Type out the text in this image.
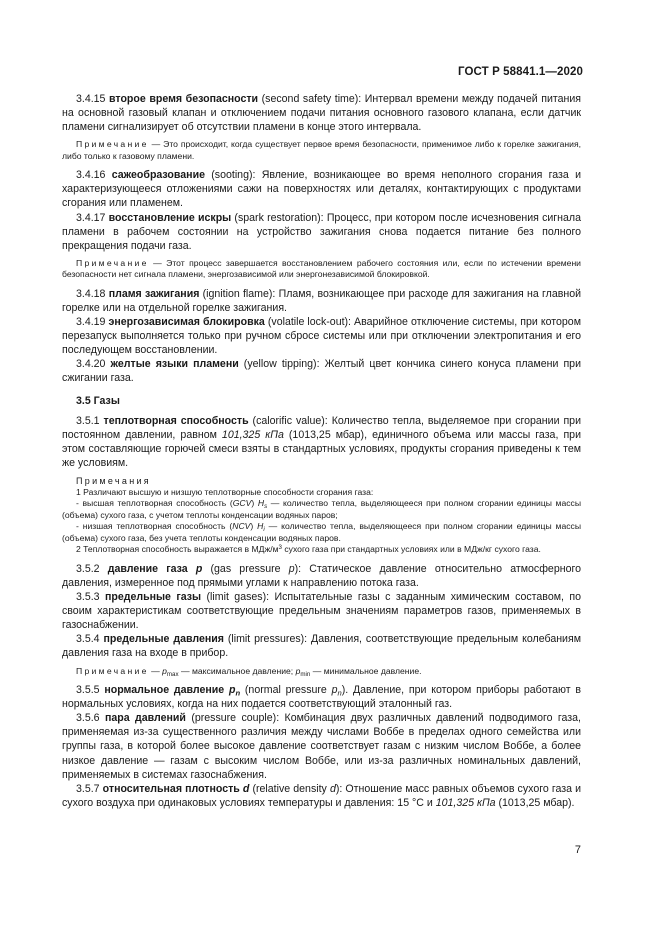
ГОСТ Р 58841.1—2020

3.4.15 второе время безопасности (second safety time): Интервал времени между подачей питания на основной газовый клапан и отключением подачи питания основного газового клапана, если датчик пламени сигнализирует об отсутствии пламени в конце этого интервала.

Примечание — Это происходит, когда существует первое время безопасности, применимое либо к горелке зажигания, либо только к газовому пламени.

3.4.16 сажеобразование (sooting): Явление, возникающее во время неполного сгорания газа и характеризующееся отложениями сажи на поверхностях или деталях, контактирующих с продуктами сгорания или пламенем.

3.4.17 восстановление искры (spark restoration): Процесс, при котором после исчезновения сигнала пламени в рабочем состоянии на устройство зажигания снова подается питание без полного прекращения подачи газа.

Примечание — Этот процесс завершается восстановлением рабочего состояния или, если по истечении времени безопасности нет сигнала пламени, энергозависимой или энергонезависимой блокировкой.

3.4.18 пламя зажигания (ignition flame): Пламя, возникающее при расходе для зажигания на главной горелке или на отдельной горелке зажигания.

3.4.19 энергозависимая блокировка (volatile lock-out): Аварийное отключение системы, при котором перезапуск выполняется только при ручном сбросе системы или при отключении электропитания и его последующем восстановлении.

3.4.20 желтые языки пламени (yellow tipping): Желтый цвет кончика синего конуса пламени при сжигании газа.

3.5 Газы

3.5.1 теплотворная способность (calorific value): Количество тепла, выделяемое при сгорании при постоянном давлении, равном 101,325 кПа (1013,25 мбар), единичного объема или массы газа, при этом составляющие горючей смеси взяты в стандартных условиях, продукты сгорания приведены к тем же условиям.

Примечания

1 Различают высшую и низшую теплотворные способности сгорания газа:

- высшая теплотворная способность (GCV) $H_s$ — количество тепла, выделяющееся при полном сгорании единицы массы (объема) сухого газа, с учетом теплоты конденсации водяных паров;

- низшая теплотворная способность (NCV) $H_i$ — количество тепла, выделяющееся при полном сгорании единицы массы (объема) сухого газа, без учета теплоты конденсации водяных паров.

2 Теплотворная способность выражается в МДж/$м^3$ сухого газа при стандартных условиях или в МДж/кг сухого газа.

3.5.2 давление газа p (gas pressure p): Статическое давление относительно атмосферного давления, измеренное под прямыми углами к направлению потока газа.

3.5.3 предельные газы (limit gases): Испытательные газы с заданным химическим составом, по своим характеристикам соответствующие предельным значениям параметров газов, применяемых в газоснабжении.

3.5.4 предельные давления (limit pressures): Давления, соответствующие предельным колебаниям давления газа на входе в прибор.

Примечание — $p_{max}$ — максимальное давление; $p_{min}$ — минимальное давление.

3.5.5 нормальное давление $p_n$ (normal pressure $p_n$). Давление, при котором приборы работают в нормальных условиях, когда на них подается соответствующий эталонный газ.

3.5.6 пара давлений (pressure couple): Комбинация двух различных давлений подводимого газа, применяемая из-за существенного различия между числами Воббе в пределах одного семейства или группы газа, в которой более высокое давление соответствует газам с низким числом Воббе, а более низкое давление — газам с высоким числом Воббе, или из-за различных номинальных давлений, применяемых в системах газоснабжения.

3.5.7 относительная плотность d (relative density d): Отношение масс равных объемов сухого газа и сухого воздуха при одинаковых условиях температуры и давления: 15 °C и 101,325 кПа (1013,25 мбар).

7
